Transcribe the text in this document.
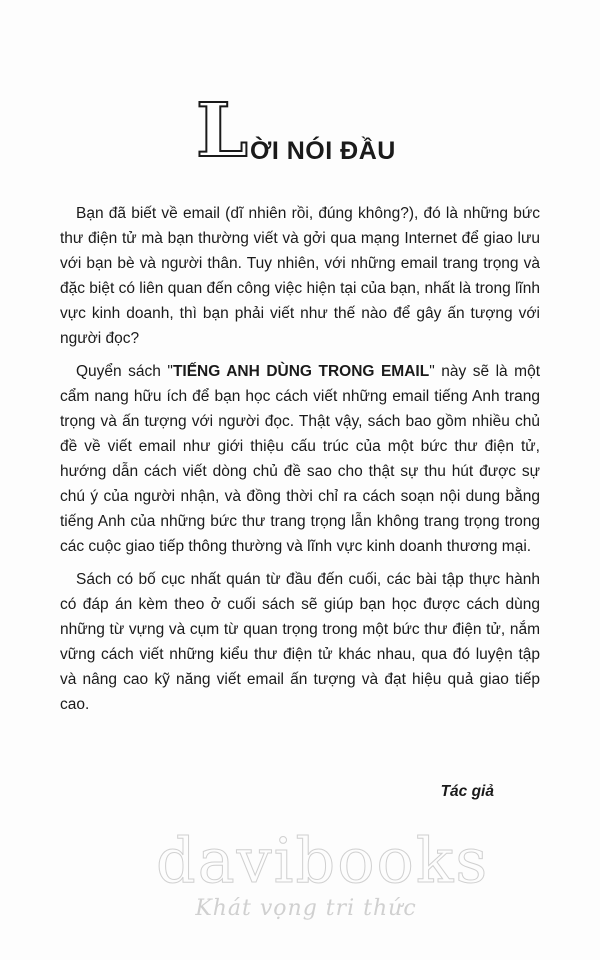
L ỜI NÓI ĐẦU

Bạn đã biết về email (dĩ nhiên rồi, đúng không?), đó là những bức thư điện tử mà bạn thường viết và gởi qua mạng Internet để giao lưu với bạn bè và người thân. Tuy nhiên, với những email trang trọng và đặc biệt có liên quan đến công việc hiện tại của bạn, nhất là trong lĩnh vực kinh doanh, thì bạn phải viết như thế nào để gây ấn tượng với người đọc?

Quyển sách "TIẾNG ANH DÙNG TRONG EMAIL" này sẽ là một cẩm nang hữu ích để bạn học cách viết những email tiếng Anh trang trọng và ấn tượng với người đọc. Thật vậy, sách bao gồm nhiều chủ đề về viết email như giới thiệu cấu trúc của một bức thư điện tử, hướng dẫn cách viết dòng chủ đề sao cho thật sự thu hút được sự chú ý của người nhận, và đồng thời chỉ ra cách soạn nội dung bằng tiếng Anh của những bức thư trang trọng lẫn không trang trọng trong các cuộc giao tiếp thông thường và lĩnh vực kinh doanh thương mại.

Sách có bố cục nhất quán từ đầu đến cuối, các bài tập thực hành có đáp án kèm theo ở cuối sách sẽ giúp bạn học được cách dùng những từ vựng và cụm từ quan trọng trong một bức thư điện tử, nắm vững cách viết những kiểu thư điện tử khác nhau, qua đó luyện tập và nâng cao kỹ năng viết email ấn tượng và đạt hiệu quả giao tiếp cao.

Tác giả
davibooks
Khát vọng tri thức
